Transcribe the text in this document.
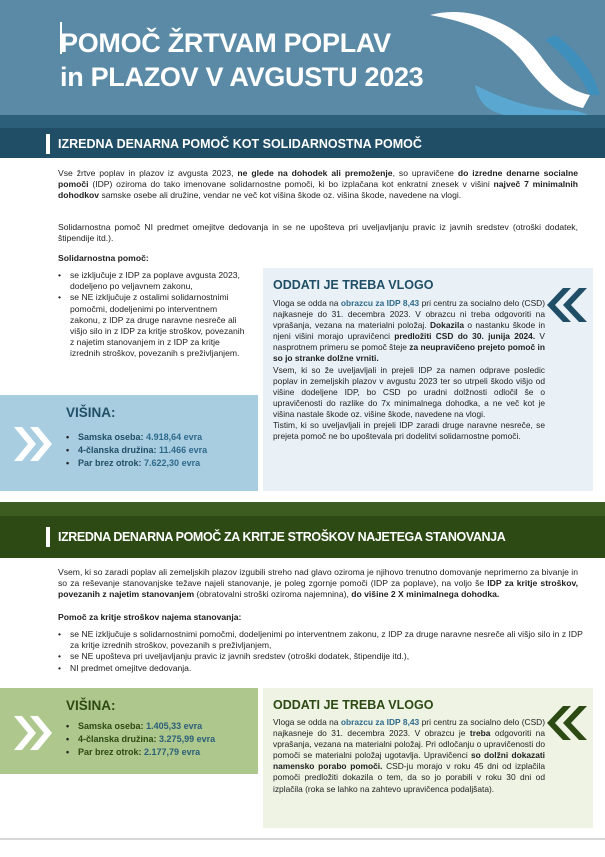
POMOČ ŽRTVAM POPLAV
in PLAZOV V AVGUSTU 2023
IZREDNA DENARNA POMOČ KOT SOLIDARNOSTNA POMOČ
Vse žrtve poplav in plazov iz avgusta 2023, ne glede na dohodek ali premoženje, so upravičene do izredne denarne socialne pomoči (IDP) oziroma do tako imenovane solidarnostne pomoči, ki bo izplačana kot enkratni znesek v višini največ 7 minimalnih dohodkov samske osebe ali družine, vendar ne več kot višina škode oz. višina škode, navedene na vlogi.
Solidarnostna pomoč NI predmet omejitve dedovanja in se ne upošteva pri uveljavljanju pravic iz javnih sredstev (otroški dodatek, štipendije itd.).
Solidarnostna pomoč:
• se izključuje z IDP za poplave avgusta 2023, dodeljeno po veljavnem zakonu,
• se NE izključuje z ostalimi solidarnostnimi pomočmi, dodeljenimi po interventnem zakonu, z IDP za druge naravne nesreče ali višjo silo in z IDP za kritje stroškov, povezanih z najetim stanovanjem in z IDP za kritje izrednih stroškov, povezanih s preživljanjem.
ODDATI JE TREBA VLOGO
Vloga se odda na obrazcu za IDP 8,43 pri centru za socialno delo (CSD) najkasneje do 31. decembra 2023. V obrazcu ni treba odgovoriti na vprašanja, vezana na materialni položaj. Dokazila o nastanku škode in njeni višini morajo upravičenci predložiti CSD do 30. junija 2024. V nasprotnem primeru se pomoč šteje za neupravičeno prejeto pomoč in so jo stranke dolžne vrniti.
Vsem, ki so že uveljavljali in prejeli IDP za namen odprave posledic poplav in zemeljskih plazov v avgustu 2023 ter so utrpeli škodo višjo od višine dodeljene IDP, bo CSD po uradni dolžnosti odločil še o upravičenosti do razlike do 7x minimalnega dohodka, a ne več kot je višina nastale škode oz. višine škode, navedene na vlogi.
Tistim, ki so uveljavljali in prejeli IDP zaradi druge naravne nesreče, se prejeta pomoč ne bo upoštevala pri dodelitvi solidarnostne pomoči.
VIŠINA:
• Samska oseba: 4.918,64 evra
• 4-članska družina: 11.466 evra
• Par brez otrok: 7.622,30 evra
IZREDNA DENARNA POMOČ ZA KRITJE STROŠKOV NAJETEGA STANOVANJA
Vsem, ki so zaradi poplav ali zemeljskih plazov izgubili streho nad glavo oziroma je njihovo trenutno domovanje neprimerno za bivanje in so za reševanje stanovanjske težave najeli stanovanje, je poleg zgornje pomoči (IDP za poplave), na voljo še IDP za kritje stroškov, povezanih z najetim stanovanjem (obratovalni stroški oziroma najemnina), do višine 2 X minimalnega dohodka.
Pomoč za kritje stroškov najema stanovanja:
• se NE izključuje s solidarnostnimi pomočmi, dodeljenimi po interventnem zakonu, z IDP za druge naravne nesreče ali višjo silo in z IDP za kritje izrednih stroškov, povezanih s preživljanjem,
• se NE upošteva pri uveljavljanju pravic iz javnih sredstev (otroški dodatek, štipendije itd.),
• NI predmet omejitve dedovanja.
VIŠINA:
• Samska oseba: 1.405,33 evra
• 4-članska družina: 3.275,99 evra
• Par brez otrok: 2.177,79 evra
ODDATI JE TREBA VLOGO
Vloga se odda na obrazcu za IDP 8,43 pri centru za socialno delo (CSD) najkasneje do 31. decembra 2023. V obrazcu je treba odgovoriti na vprašanja, vezana na materialni položaj. Pri odločanju o upravičenosti do pomoči se materialni položaj ugotavlja. Upravičenci so dolžni dokazati namensko porabo pomoči. CSD-ju morajo v roku 45 dni od izplačila pomoči predložiti dokazila o tem, da so jo porabili v roku 30 dni od izplačila (roka se lahko na zahtevo upravičenca podaljšata).
